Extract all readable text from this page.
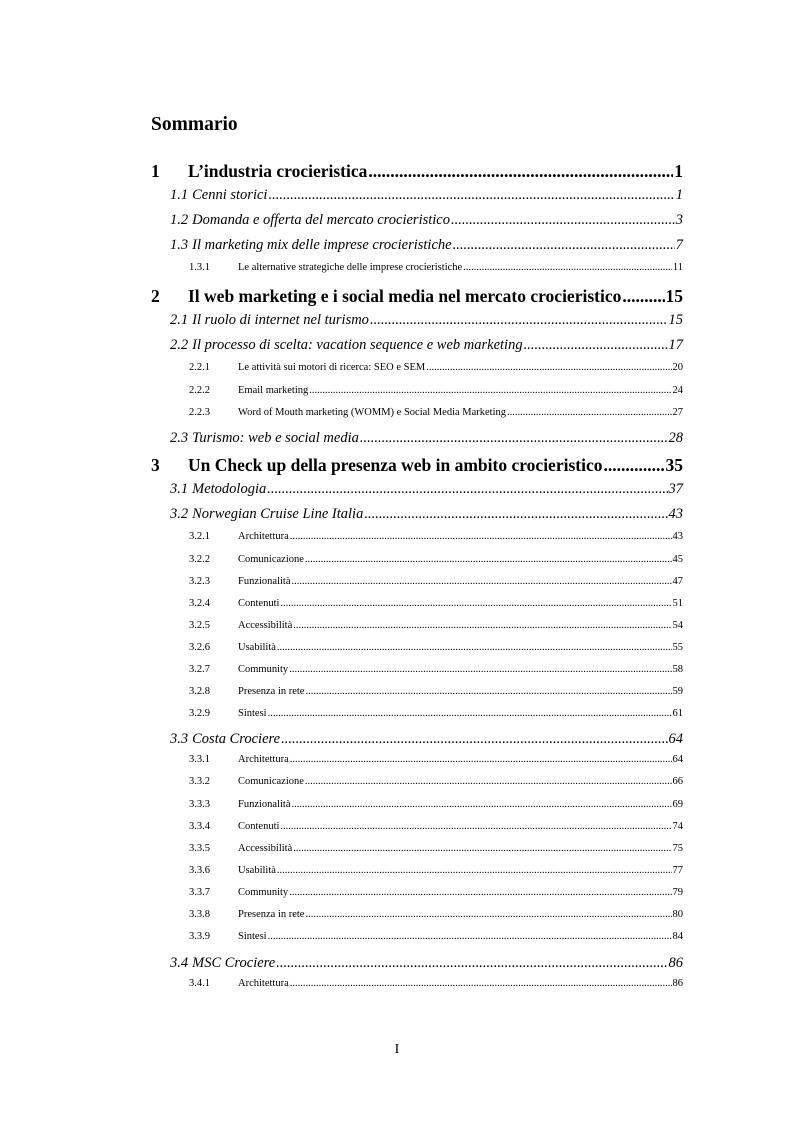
Sommario
1	L’industria crocieristica .....	1
1.1 Cenni storici .....	1
1.2 Domanda e offerta del mercato crocieristico .....	3
1.3 Il marketing mix delle imprese crocieristiche .....	7
1.3.1	Le alternative strategiche delle imprese crocieristiche .....	11
2	Il web marketing e i social media nel mercato crocieristico .....	15
2.1 Il ruolo di internet nel turismo .....	15
2.2 Il processo di scelta: vacation sequence e web marketing .....	17
2.2.1	Le attività sui motori di ricerca: SEO e SEM .....	20
2.2.2	Email marketing .....	24
2.2.3	Word of Mouth marketing (WOMM) e Social Media Marketing .....	27
2.3 Turismo: web e social media .....	28
3	Un Check up della presenza web in ambito crocieristico .....	35
3.1 Metodologia .....	37
3.2 Norwegian Cruise Line Italia .....	43
3.2.1	Architettura .....	43
3.2.2	Comunicazione .....	45
3.2.3	Funzionalità .....	47
3.2.4	Contenuti .....	51
3.2.5	Accessibilità .....	54
3.2.6	Usabilità .....	55
3.2.7	Community .....	58
3.2.8	Presenza in rete .....	59
3.2.9	Sintesi .....	61
3.3 Costa Crociere .....	64
3.3.1	Architettura .....	64
3.3.2	Comunicazione .....	66
3.3.3	Funzionalità .....	69
3.3.4	Contenuti .....	74
3.3.5	Accessibilità .....	75
3.3.6	Usabilità .....	77
3.3.7	Community .....	79
3.3.8	Presenza in rete .....	80
3.3.9	Sintesi .....	84
3.4 MSC Crociere .....	86
3.4.1	Architettura .....	86
I
